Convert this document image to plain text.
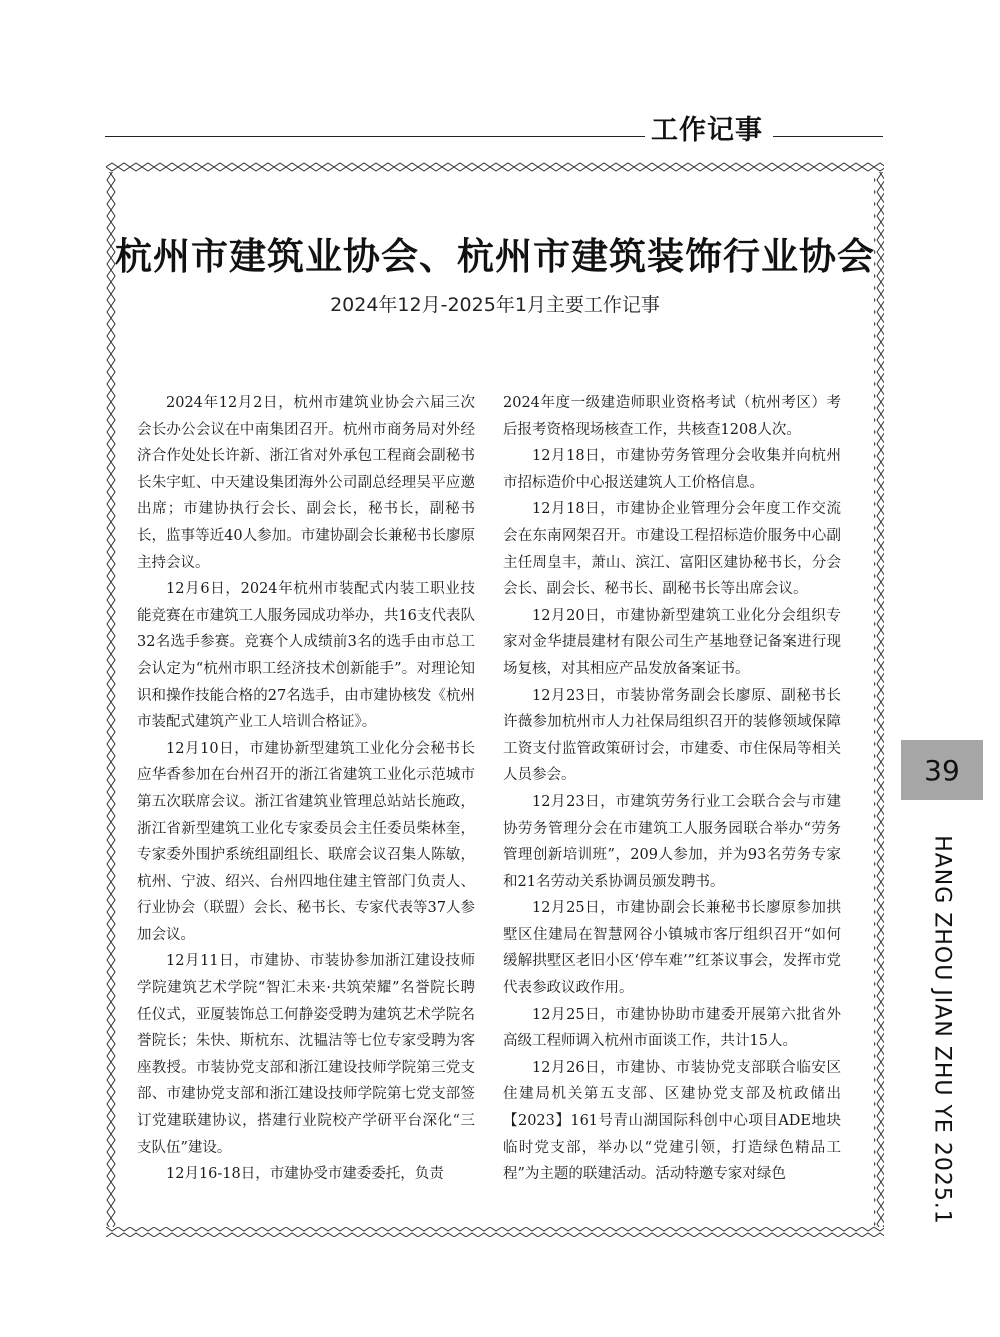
工作记事
杭州市建筑业协会、杭州市建筑装饰行业协会
2024年12月-2025年1月主要工作记事

2024年12月2日，杭州市建筑业协会六届三次会长办公会议在中南集团召开。杭州市商务局对外经济合作处处长许新、浙江省对外承包工程商会副秘书长朱宇虹、中天建设集团海外公司副总经理吴平应邀出席；市建协执行会长、副会长，秘书长，副秘书长，监事等近40人参加。市建协副会长兼秘书长廖原主持会议。

12月6日，2024年杭州市装配式内装工职业技能竞赛在市建筑工人服务园成功举办，共16支代表队32名选手参赛。竞赛个人成绩前3名的选手由市总工会认定为“杭州市职工经济技术创新能手”。对理论知识和操作技能合格的27名选手，由市建协核发《杭州市装配式建筑产业工人培训合格证》。

12月10日，市建协新型建筑工业化分会秘书长应华香参加在台州召开的浙江省建筑工业化示范城市第五次联席会议。浙江省建筑业管理总站站长施政，浙江省新型建筑工业化专家委员会主任委员柴林奎，专家委外围护系统组副组长、联席会议召集人陈敏，杭州、宁波、绍兴、台州四地住建主管部门负责人、行业协会（联盟）会长、秘书长、专家代表等37人参加会议。

12月11日，市建协、市装协参加浙江建设技师学院建筑艺术学院“智汇未来·共筑荣耀”名誉院长聘任仪式，亚厦装饰总工何静姿受聘为建筑艺术学院名誉院长；朱快、斯杭东、沈韫洁等七位专家受聘为客座教授。市装协党支部和浙江建设技师学院第三党支部、市建协党支部和浙江建设技师学院第七党支部签订党建联建协议，搭建行业院校产学研平台深化“三支队伍”建设。

12月16-18日，市建协受市建委委托，负责

2024年度一级建造师职业资格考试（杭州考区）考后报考资格现场核查工作，共核查1208人次。

12月18日，市建协劳务管理分会收集并向杭州市招标造价中心报送建筑人工价格信息。

12月18日，市建协企业管理分会年度工作交流会在东南网架召开。市建设工程招标造价服务中心副主任周皇丰，萧山、滨江、富阳区建协秘书长，分会会长、副会长、秘书长、副秘书长等出席会议。

12月20日，市建协新型建筑工业化分会组织专家对金华捷晨建材有限公司生产基地登记备案进行现场复核，对其相应产品发放备案证书。

12月23日，市装协常务副会长廖原、副秘书长许薇参加杭州市人力社保局组织召开的装修领域保障工资支付监管政策研讨会，市建委、市住保局等相关人员参会。

12月23日，市建筑劳务行业工会联合会与市建协劳务管理分会在市建筑工人服务园联合举办“劳务管理创新培训班”，209人参加，并为93名劳务专家和21名劳动关系协调员颁发聘书。

12月25日，市建协副会长兼秘书长廖原参加拱墅区住建局在智慧网谷小镇城市客厅组织召开“如何缓解拱墅区老旧小区‘停车难’”红茶议事会，发挥市党代表参政议政作用。

12月25日，市建协协助市建委开展第六批省外高级工程师调入杭州市面谈工作，共计15人。

12月26日，市建协、市装协党支部联合临安区住建局机关第五支部、区建协党支部及杭政储出【2023】161号青山湖国际科创中心项目ADE地块临时党支部，举办以“党建引领，打造绿色精品工程”为主题的联建活动。活动特邀专家对绿色

39
HANG ZHOU JIAN ZHU YE 2025.1
